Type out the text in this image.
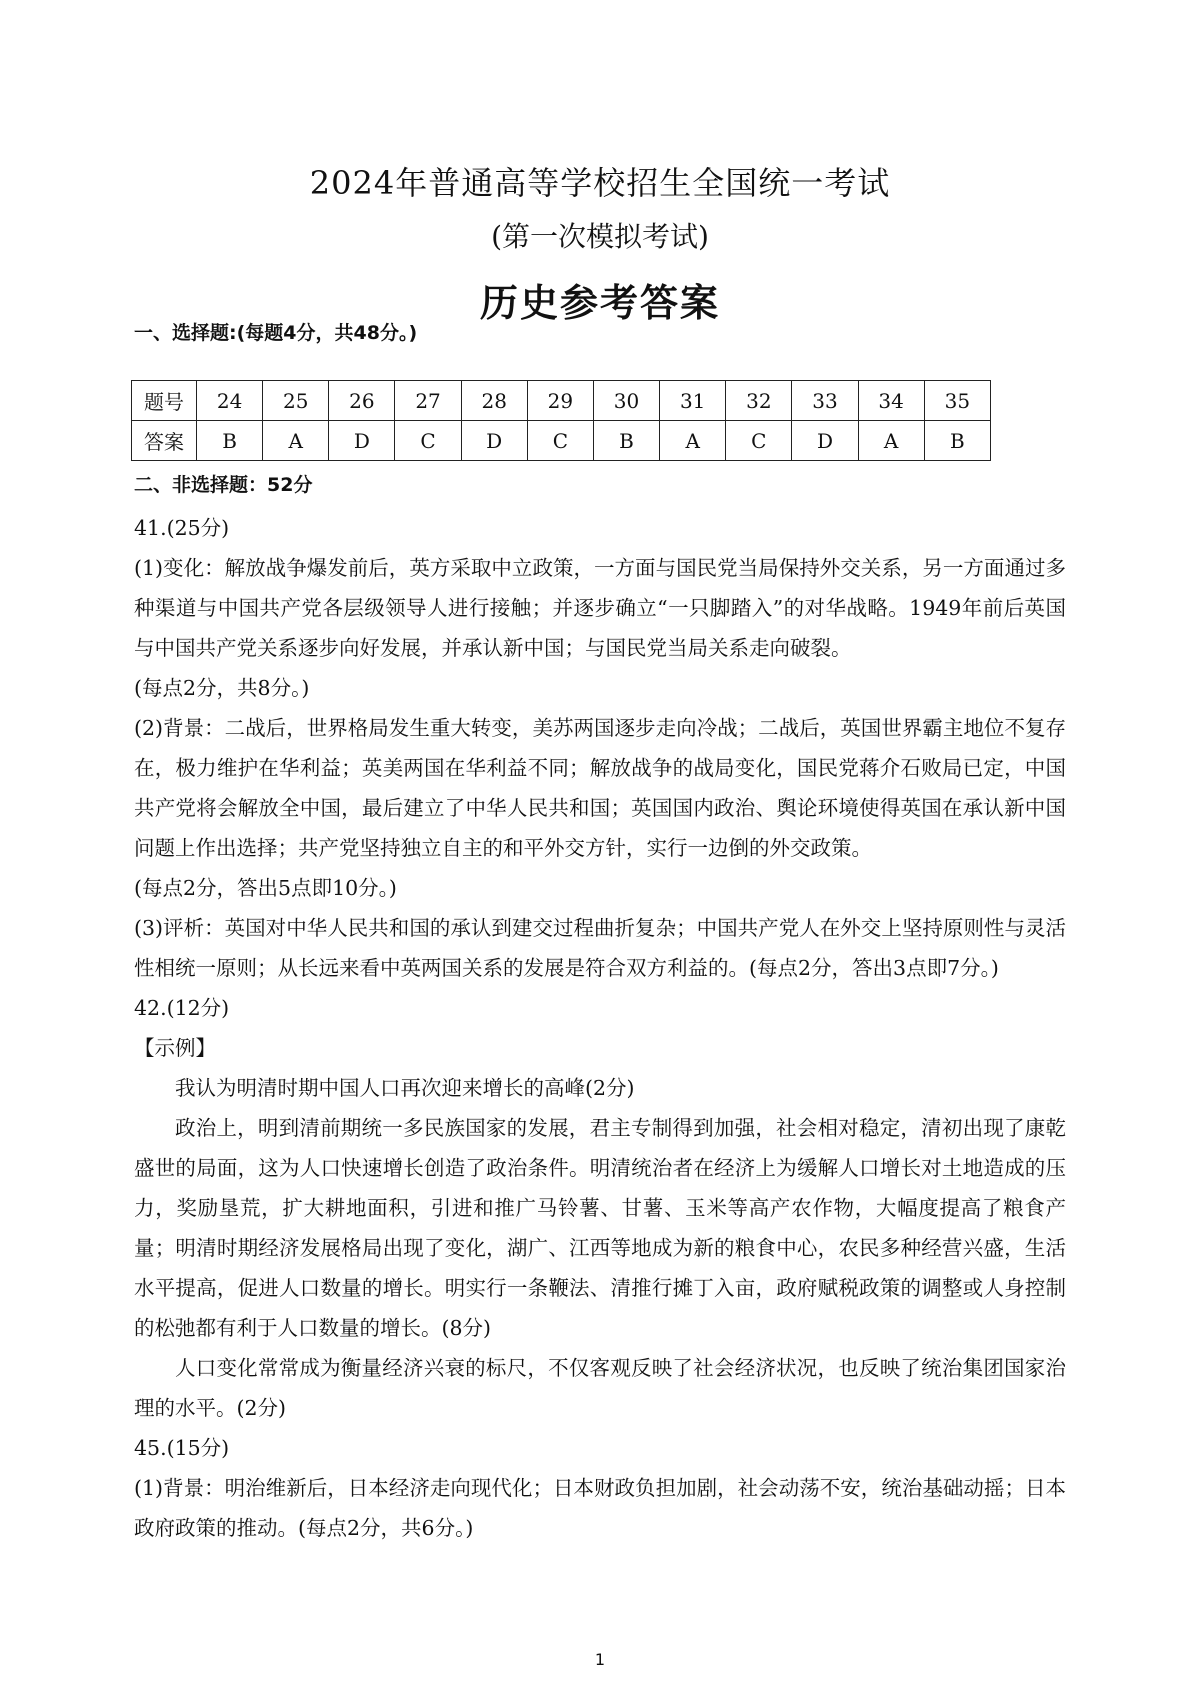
2024年普通高等学校招生全国统一考试
(第一次模拟考试)
历史参考答案
一、选择题:(每题4分，共48分。)
题号	24	25	26	27	28	29	30	31	32	33	34	35
答案	B	A	D	C	D	C	B	A	C	D	A	B
二、非选择题：52分

41.(25分)

(1)变化：解放战争爆发前后，英方采取中立政策，一方面与国民党当局保持外交关系，另一方面通过多种渠道与中国共产党各层级领导人进行接触；并逐步确立“一只脚踏入”的对华战略。1949年前后英国与中国共产党关系逐步向好发展，并承认新中国；与国民党当局关系走向破裂。

(每点2分，共8分。)

(2)背景：二战后，世界格局发生重大转变，美苏两国逐步走向冷战；二战后，英国世界霸主地位不复存在，极力维护在华利益；英美两国在华利益不同；解放战争的战局变化，国民党蒋介石败局已定，中国共产党将会解放全中国，最后建立了中华人民共和国；英国国内政治、舆论环境使得英国在承认新中国问题上作出选择；共产党坚持独立自主的和平外交方针，实行一边倒的外交政策。

(每点2分，答出5点即10分。)

(3)评析：英国对中华人民共和国的承认到建交过程曲折复杂；中国共产党人在外交上坚持原则性与灵活性相统一原则；从长远来看中英两国关系的发展是符合双方利益的。(每点2分，答出3点即7分。)

42.(12分)

【示例】

我认为明清时期中国人口再次迎来增长的高峰(2分)

政治上，明到清前期统一多民族国家的发展，君主专制得到加强，社会相对稳定，清初出现了康乾盛世的局面，这为人口快速增长创造了政治条件。明清统治者在经济上为缓解人口增长对土地造成的压力，奖励垦荒，扩大耕地面积，引进和推广马铃薯、甘薯、玉米等高产农作物，大幅度提高了粮食产量；明清时期经济发展格局出现了变化，湖广、江西等地成为新的粮食中心，农民多种经营兴盛，生活水平提高，促进人口数量的增长。明实行一条鞭法、清推行摊丁入亩，政府赋税政策的调整或人身控制的松弛都有利于人口数量的增长。(8分)

人口变化常常成为衡量经济兴衰的标尺，不仅客观反映了社会经济状况，也反映了统治集团国家治理的水平。(2分)

45.(15分)

(1)背景：明治维新后，日本经济走向现代化；日本财政负担加剧，社会动荡不安，统治基础动摇；日本政府政策的推动。(每点2分，共6分。)

1
